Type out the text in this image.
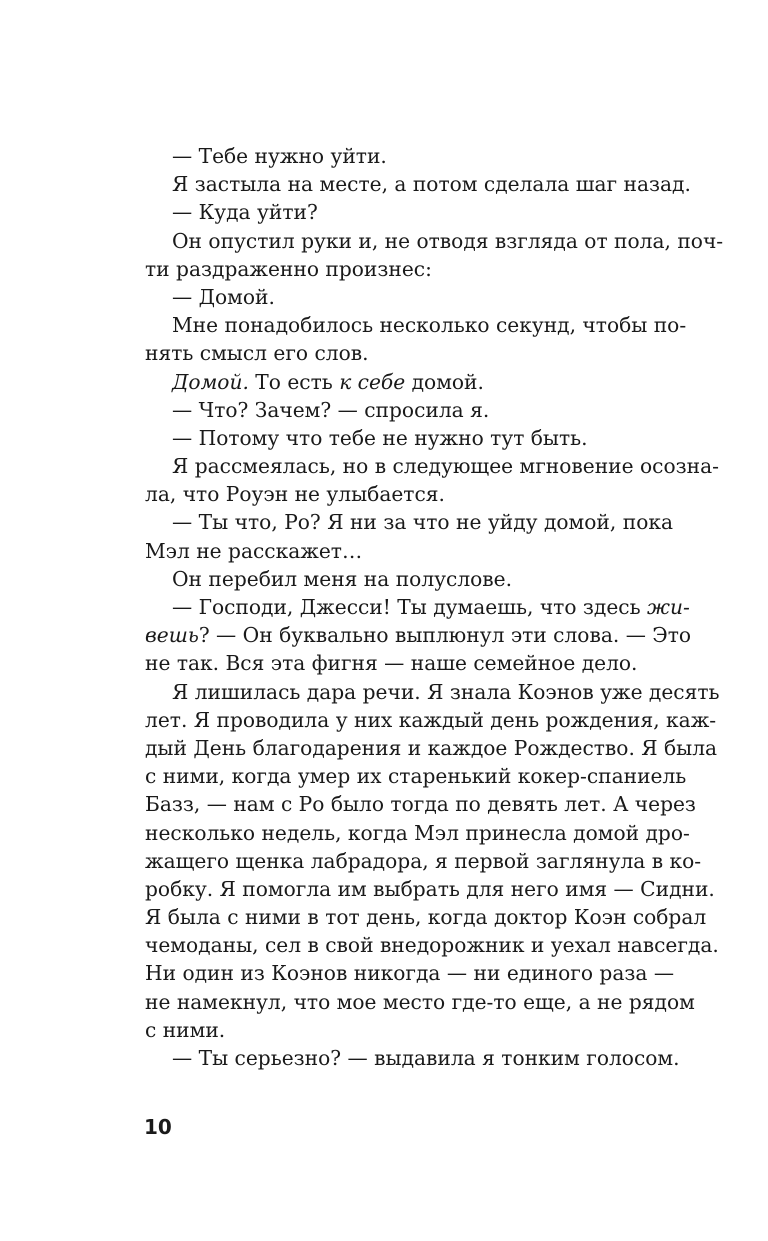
— Тебе нужно уйти.
Я застыла на месте, а потом сделала шаг назад.
— Куда уйти?
Он опустил руки и, не отводя взгляда от пола, поч-
ти раздраженно произнес:
— Домой.
Мне понадобилось несколько секунд, чтобы по-
нять смысл его слов.
Домой. То есть к себе домой.
— Что? Зачем? — спросила я.
— Потому что тебе не нужно тут быть.
Я рассмеялась, но в следующее мгновение осозна-
ла, что Роуэн не улыбается.
— Ты что, Ро? Я ни за что не уйду домой, пока
Мэл не расскажет…
Он перебил меня на полуслове.
— Господи, Джесси! Ты думаешь, что здесь жи-
вешь? — Он буквально выплюнул эти слова. — Это
не так. Вся эта фигня — наше семейное дело.
Я лишилась дара речи. Я знала Коэнов уже десять
лет. Я проводила у них каждый день рождения, каж-
дый День благодарения и каждое Рождество. Я была
с ними, когда умер их старенький кокер-спаниель
Базз, — нам с Ро было тогда по девять лет. А через
несколько недель, когда Мэл принесла домой дро-
жащего щенка лабрадора, я первой заглянула в ко-
робку. Я помогла им выбрать для него имя — Сидни.
Я была с ними в тот день, когда доктор Коэн собрал
чемоданы, сел в свой внедорожник и уехал навсегда.
Ни один из Коэнов никогда — ни единого раза —
не намекнул, что мое место где-то еще, а не рядом
с ними.
— Ты серьезно? — выдавила я тонким голосом.
10
